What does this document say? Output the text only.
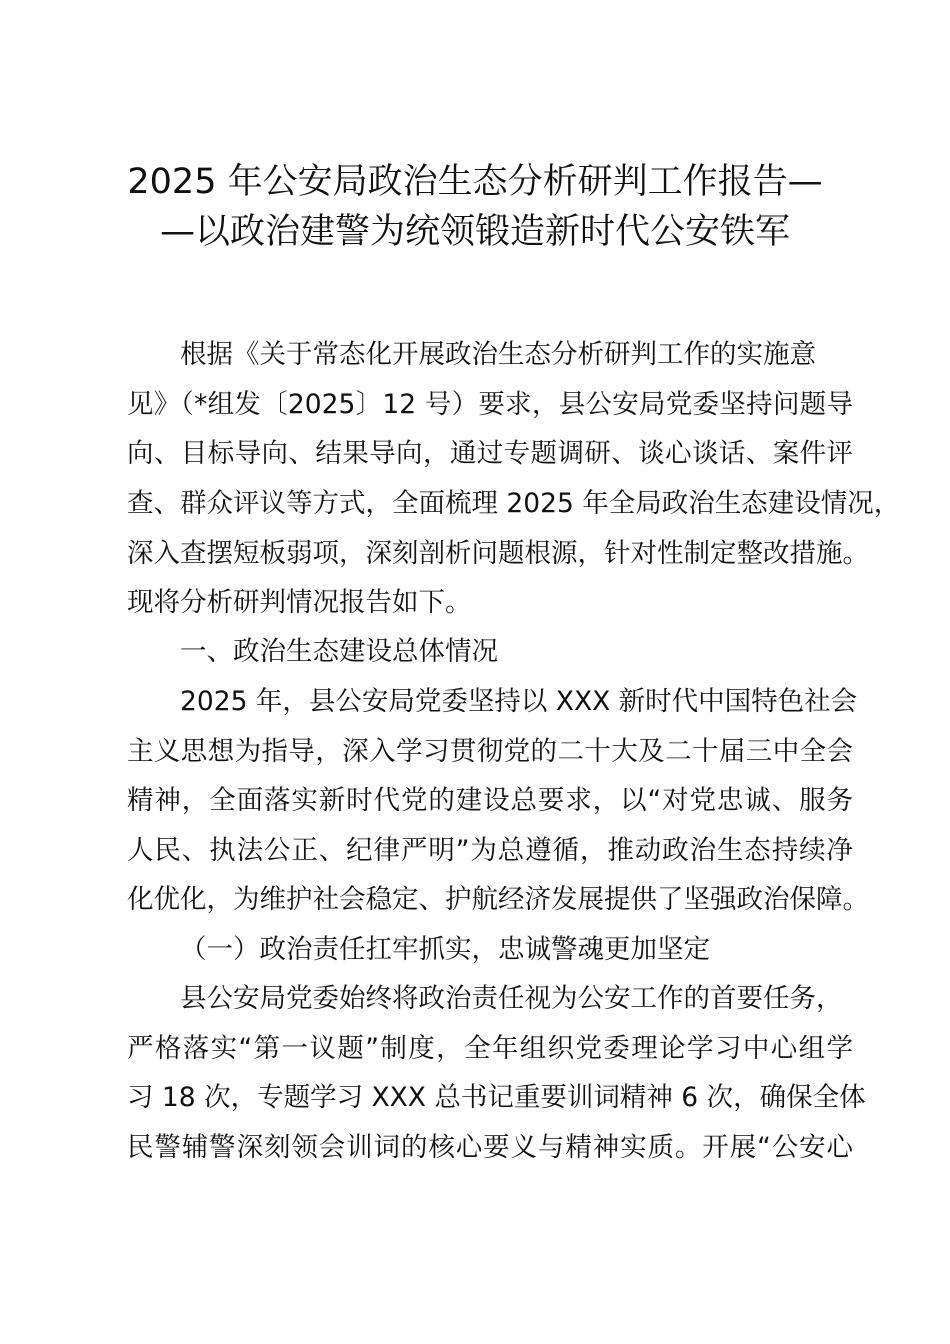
2025 年公安局政治生态分析研判工作报告—
—以政治建警为统领锻造新时代公安铁军
根据《关于常态化开展政治生态分析研判工作的实施意
见》（*组发〔2025〕12 号）要求，县公安局党委坚持问题导
向、目标导向、结果导向，通过专题调研、谈心谈话、案件评
查、群众评议等方式，全面梳理 2025 年全局政治生态建设情况，
深入查摆短板弱项，深刻剖析问题根源，针对性制定整改措施。
现将分析研判情况报告如下。
一、政治生态建设总体情况
2025 年，县公安局党委坚持以 XXX 新时代中国特色社会
主义思想为指导，深入学习贯彻党的二十大及二十届三中全会
精神，全面落实新时代党的建设总要求，以“对党忠诚、服务
人民、执法公正、纪律严明”为总遵循，推动政治生态持续净
化优化，为维护社会稳定、护航经济发展提供了坚强政治保障。
（一）政治责任扛牢抓实，忠诚警魂更加坚定
县公安局党委始终将政治责任视为公安工作的首要任务，
严格落实“第一议题”制度，全年组织党委理论学习中心组学
习 18 次，专题学习 XXX 总书记重要训词精神 6 次，确保全体
民警辅警深刻领会训词的核心要义与精神实质。开展“公安心
